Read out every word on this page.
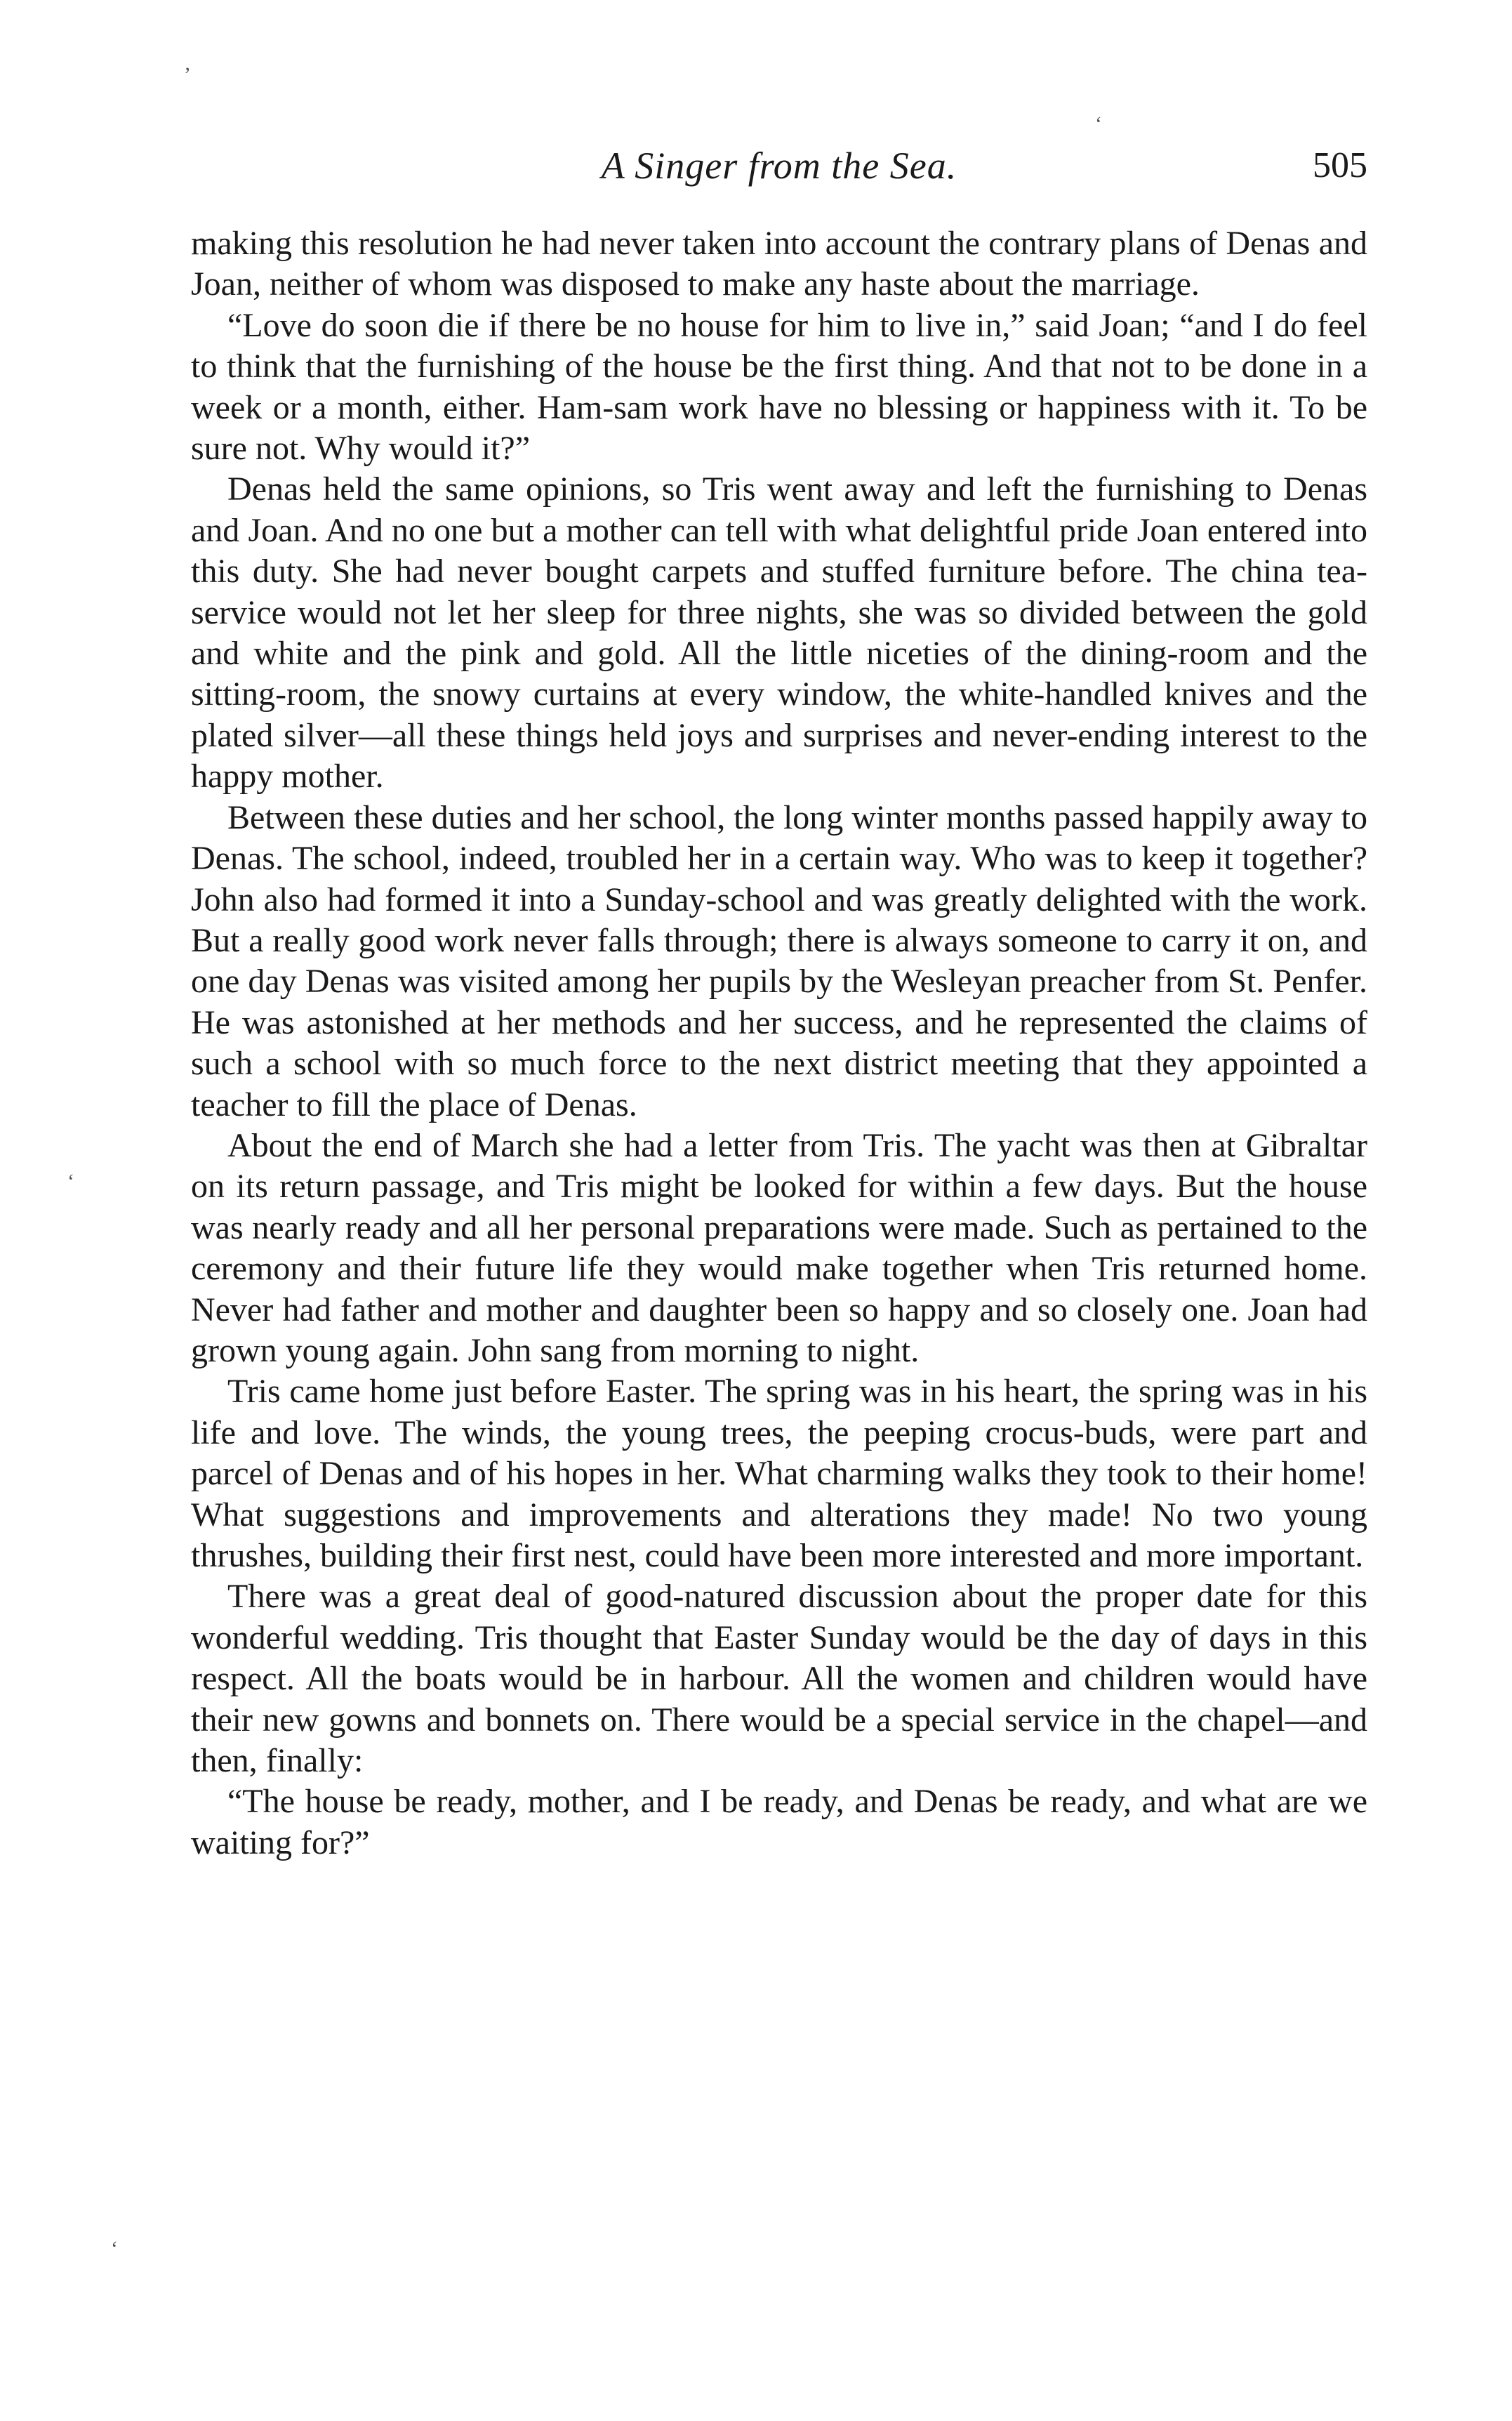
’
‘
‘
‘
A Singer from the Sea.	505

making this resolution he had never taken into account the contrary plans of Denas and Joan, neither of whom was disposed to make any haste about the marriage.

“Love do soon die if there be no house for him to live in,” said Joan; “and I do feel to think that the furnishing of the house be the first thing. And that not to be done in a week or a month, either. Ham-sam work have no blessing or happiness with it. To be sure not. Why would it?”

Denas held the same opinions, so Tris went away and left the furnishing to Denas and Joan. And no one but a mother can tell with what delightful pride Joan entered into this duty. She had never bought carpets and stuffed furniture before. The china tea-service would not let her sleep for three nights, she was so divided between the gold and white and the pink and gold. All the little niceties of the dining-room and the sitting-room, the snowy curtains at every window, the white-handled knives and the plated silver—all these things held joys and surprises and never-ending interest to the happy mother.

Between these duties and her school, the long winter months passed happily away to Denas. The school, indeed, troubled her in a certain way. Who was to keep it together? John also had formed it into a Sunday-school and was greatly delighted with the work. But a really good work never falls through; there is always someone to carry it on, and one day Denas was visited among her pupils by the Wesleyan preacher from St. Penfer. He was astonished at her methods and her success, and he represented the claims of such a school with so much force to the next district meeting that they appointed a teacher to fill the place of Denas.

About the end of March she had a letter from Tris. The yacht was then at Gibraltar on its return passage, and Tris might be looked for within a few days. But the house was nearly ready and all her personal preparations were made. Such as pertained to the ceremony and their future life they would make together when Tris returned home. Never had father and mother and daughter been so happy and so closely one. Joan had grown young again. John sang from morning to night.

Tris came home just before Easter. The spring was in his heart, the spring was in his life and love. The winds, the young trees, the peeping crocus-buds, were part and parcel of Denas and of his hopes in her. What charming walks they took to their home! What suggestions and improvements and alterations they made! No two young thrushes, building their first nest, could have been more interested and more important.

There was a great deal of good-natured discussion about the proper date for this wonderful wedding. Tris thought that Easter Sunday would be the day of days in this respect. All the boats would be in harbour. All the women and children would have their new gowns and bonnets on. There would be a special service in the chapel—and then, finally:

“The house be ready, mother, and I be ready, and Denas be ready, and what are we waiting for?”
